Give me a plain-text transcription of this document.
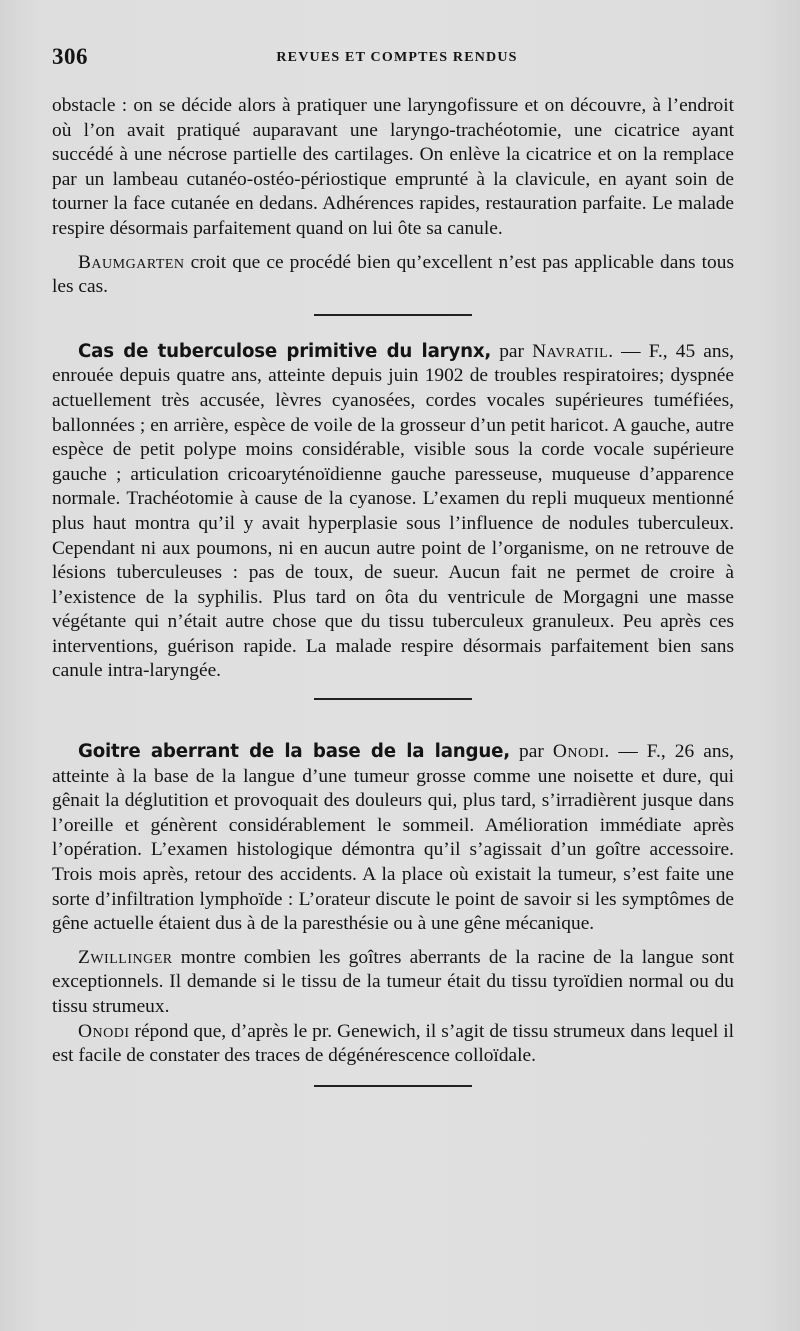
306	REVUES ET COMPTES RENDUS

obstacle : on se décide alors à pratiquer une laryngofissure et on découvre, à l’endroit où l’on avait pratiqué auparavant une laryngo-trachéotomie, une cicatrice ayant succédé à une nécrose partielle des cartilages. On enlève la cicatrice et on la remplace par un lambeau cutanéo-ostéo-périostique emprunté à la clavicule, en ayant soin de tourner la face cutanée en dedans. Adhérences rapides, restauration parfaite. Le malade respire désormais parfaitement quand on lui ôte sa canule.

Baumgarten croit que ce procédé bien qu’excellent n’est pas applicable dans tous les cas.

Cas de tuberculose primitive du larynx, par Navratil. — F., 45 ans, enrouée depuis quatre ans, atteinte depuis juin 1902 de troubles respiratoires; dyspnée actuellement très accusée, lèvres cyanosées, cordes vocales supérieures tuméfiées, ballonnées ; en arrière, espèce de voile de la grosseur d’un petit haricot. A gauche, autre espèce de petit polype moins considérable, visible sous la corde vocale supérieure gauche ; articulation cricoaryténoïdienne gauche paresseuse, muqueuse d’apparence normale. Trachéotomie à cause de la cyanose. L’examen du repli muqueux mentionné plus haut montra qu’il y avait hyperplasie sous l’influence de nodules tuberculeux. Cependant ni aux poumons, ni en aucun autre point de l’organisme, on ne retrouve de lésions tuberculeuses : pas de toux, de sueur. Aucun fait ne permet de croire à l’existence de la syphilis. Plus tard on ôta du ventricule de Morgagni une masse végétante qui n’était autre chose que du tissu tuberculeux granuleux. Peu après ces interventions, guérison rapide. La malade respire désormais parfaitement bien sans canule intra-laryngée.

Goitre aberrant de la base de la langue, par Onodi. — F., 26 ans, atteinte à la base de la langue d’une tumeur grosse comme une noisette et dure, qui gênait la déglutition et provoquait des douleurs qui, plus tard, s’irradièrent jusque dans l’oreille et génèrent considérablement le sommeil. Amélioration immédiate après l’opération. L’examen histologique démontra qu’il s’agissait d’un goître accessoire. Trois mois après, retour des accidents. A la place où existait la tumeur, s’est faite une sorte d’infiltration lymphoïde : L’orateur discute le point de savoir si les symptômes de gêne actuelle étaient dus à de la paresthésie ou à une gêne mécanique.

Zwillinger montre combien les goîtres aberrants de la racine de la langue sont exceptionnels. Il demande si le tissu de la tumeur était du tissu tyroïdien normal ou du tissu strumeux.

Onodi répond que, d’après le pr. Genewich, il s’agit de tissu strumeux dans lequel il est facile de constater des traces de dégénérescence colloïdale.
